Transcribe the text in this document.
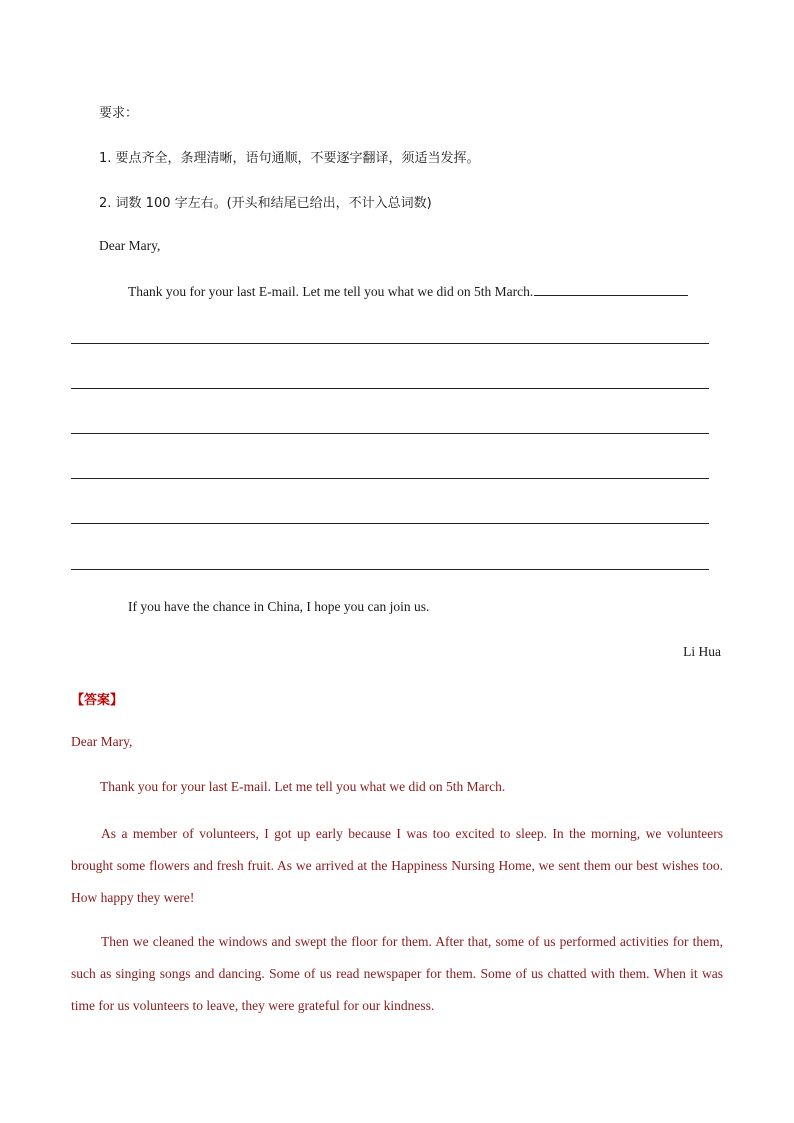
要求：
1. 要点齐全，条理清晰，语句通顺，不要逐字翻译，须适当发挥。
2. 词数 100 字左右。(开头和结尾已给出，不计入总词数)
Dear Mary,
Thank you for your last E-mail. Let me tell you what we did on 5th March.
If you have the chance in China, I hope you can join us.
Li Hua
【答案】
Dear Mary,
Thank you for your last E-mail. Let me tell you what we did on 5th March.
As a member of volunteers, I got up early because I was too excited to sleep. In the morning, we volunteers brought some flowers and fresh fruit. As we arrived at the Happiness Nursing Home, we sent them our best wishes too. How happy they were!
Then we cleaned the windows and swept the floor for them. After that, some of us performed activities for them, such as singing songs and dancing. Some of us read newspaper for them. Some of us chatted with them. When it was time for us volunteers to leave, they were grateful for our kindness.
